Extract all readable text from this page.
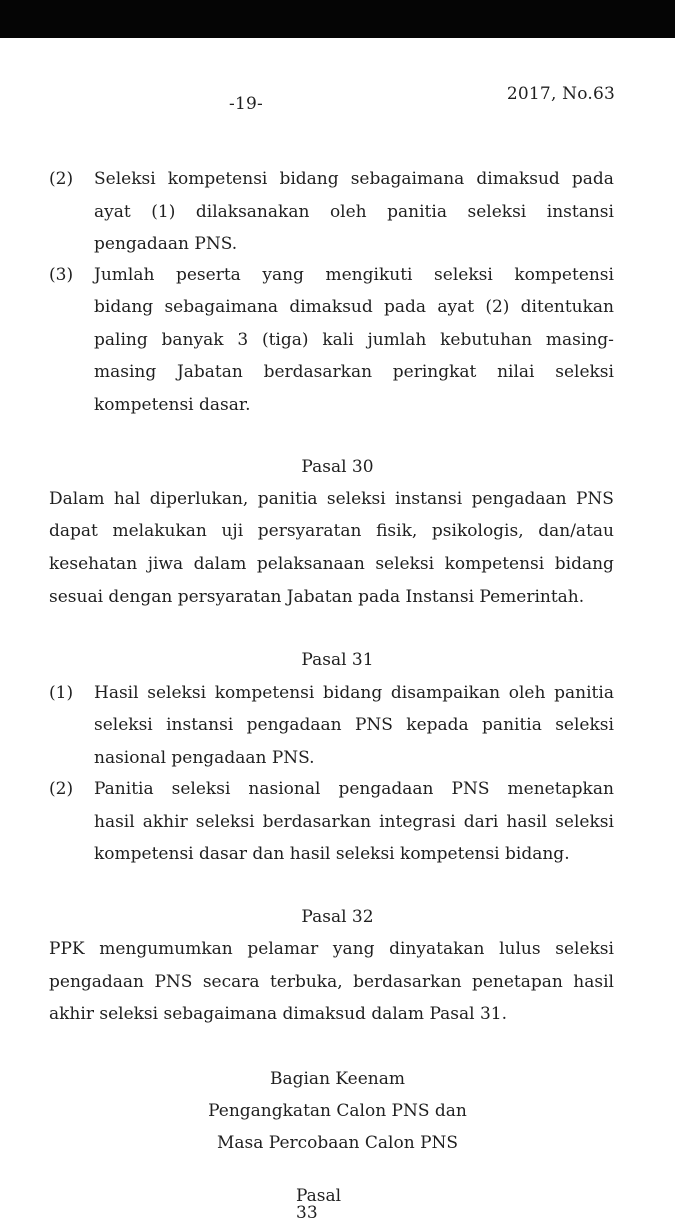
-19-	2017, No.63
(2) Seleksi kompetensi bidang sebagaimana dimaksud pada
ayat (1) dilaksanakan oleh panitia seleksi instansi
pengadaan PNS.
(3) Jumlah peserta yang mengikuti seleksi kompetensi
bidang sebagaimana dimaksud pada ayat (2) ditentukan
paling banyak 3 (tiga) kali jumlah kebutuhan masing-
masing Jabatan berdasarkan peringkat nilai seleksi
kompetensi dasar.
Pasal 30
Dalam hal diperlukan, panitia seleksi instansi pengadaan PNS
dapat melakukan uji persyaratan fisik, psikologis, dan/atau
kesehatan jiwa dalam pelaksanaan seleksi kompetensi bidang
sesuai dengan persyaratan Jabatan pada Instansi Pemerintah.
Pasal 31
(1) Hasil seleksi kompetensi bidang disampaikan oleh panitia
seleksi instansi pengadaan PNS kepada panitia seleksi
nasional pengadaan PNS.
(2) Panitia seleksi nasional pengadaan PNS menetapkan
hasil akhir seleksi berdasarkan integrasi dari hasil seleksi
kompetensi dasar dan hasil seleksi kompetensi bidang.
Pasal 32
PPK mengumumkan pelamar yang dinyatakan lulus seleksi
pengadaan PNS secara terbuka, berdasarkan penetapan hasil
akhir seleksi sebagaimana dimaksud dalam Pasal 31.
Bagian Keenam
Pengangkatan Calon PNS dan
Masa Percobaan Calon PNS
Pasal 33
